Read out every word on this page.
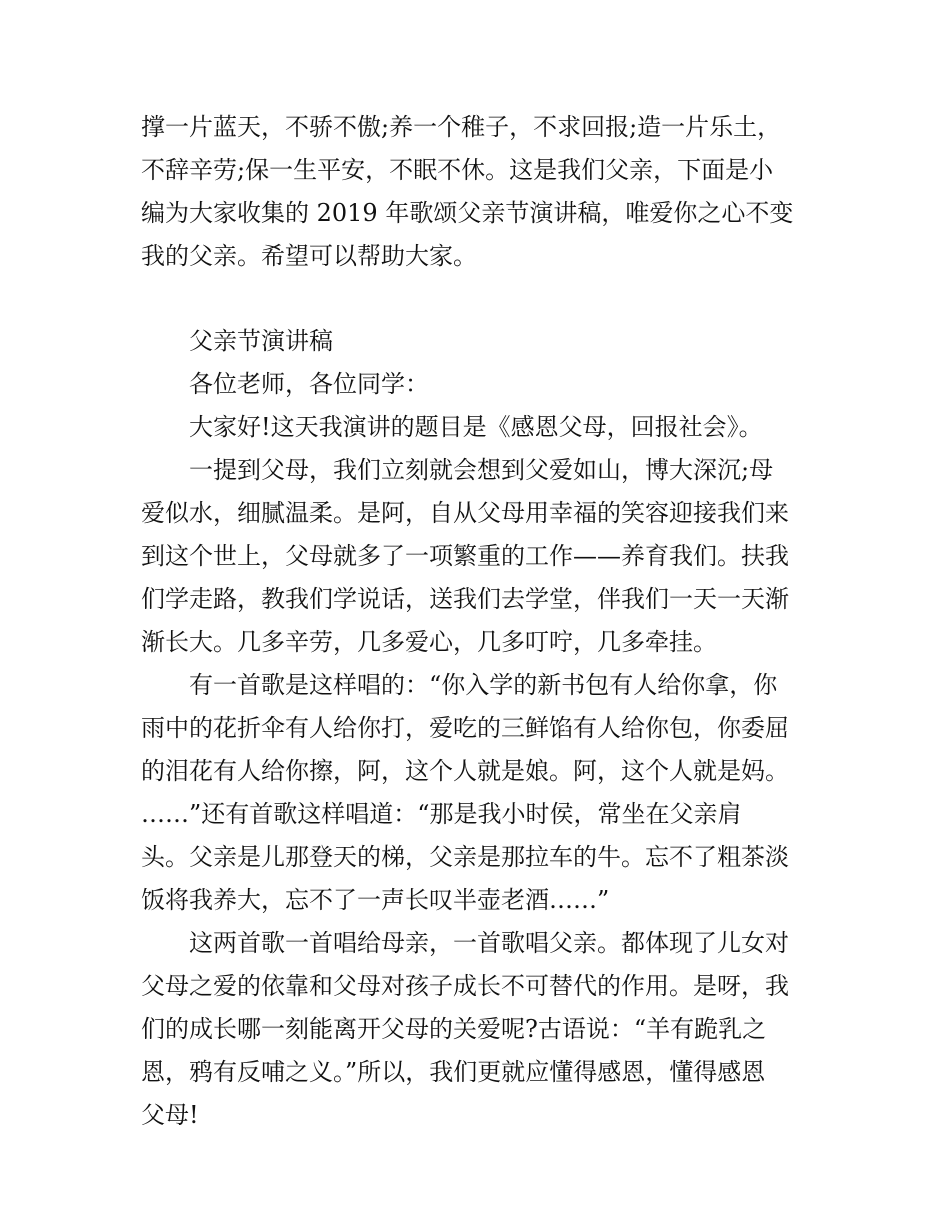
撑一片蓝天，不骄不傲;养一个稚子，不求回报;造一片乐土，
不辞辛劳;保一生平安，不眠不休。这是我们父亲，下面是小
编为大家收集的 2019 年歌颂父亲节演讲稿，唯爱你之心不变
我的父亲。希望可以帮助大家。
父亲节演讲稿
各位老师，各位同学：
大家好!这天我演讲的题目是《感恩父母，回报社会》。
一提到父母，我们立刻就会想到父爱如山，博大深沉;母
爱似水，细腻温柔。是阿，自从父母用幸福的笑容迎接我们来
到这个世上，父母就多了一项繁重的工作——养育我们。扶我
们学走路，教我们学说话，送我们去学堂，伴我们一天一天渐
渐长大。几多辛劳，几多爱心，几多叮咛，几多牵挂。
有一首歌是这样唱的：“你入学的新书包有人给你拿，你
雨中的花折伞有人给你打，爱吃的三鲜馅有人给你包，你委屈
的泪花有人给你擦，阿，这个人就是娘。阿，这个人就是妈。
……”还有首歌这样唱道：“那是我小时侯，常坐在父亲肩
头。父亲是儿那登天的梯，父亲是那拉车的牛。忘不了粗茶淡
饭将我养大，忘不了一声长叹半壶老酒……”
这两首歌一首唱给母亲，一首歌唱父亲。都体现了儿女对
父母之爱的依靠和父母对孩子成长不可替代的作用。是呀，我
们的成长哪一刻能离开父母的关爱呢?古语说：“羊有跪乳之
恩，鸦有反哺之义。”所以，我们更就应懂得感恩，懂得感恩
父母!
